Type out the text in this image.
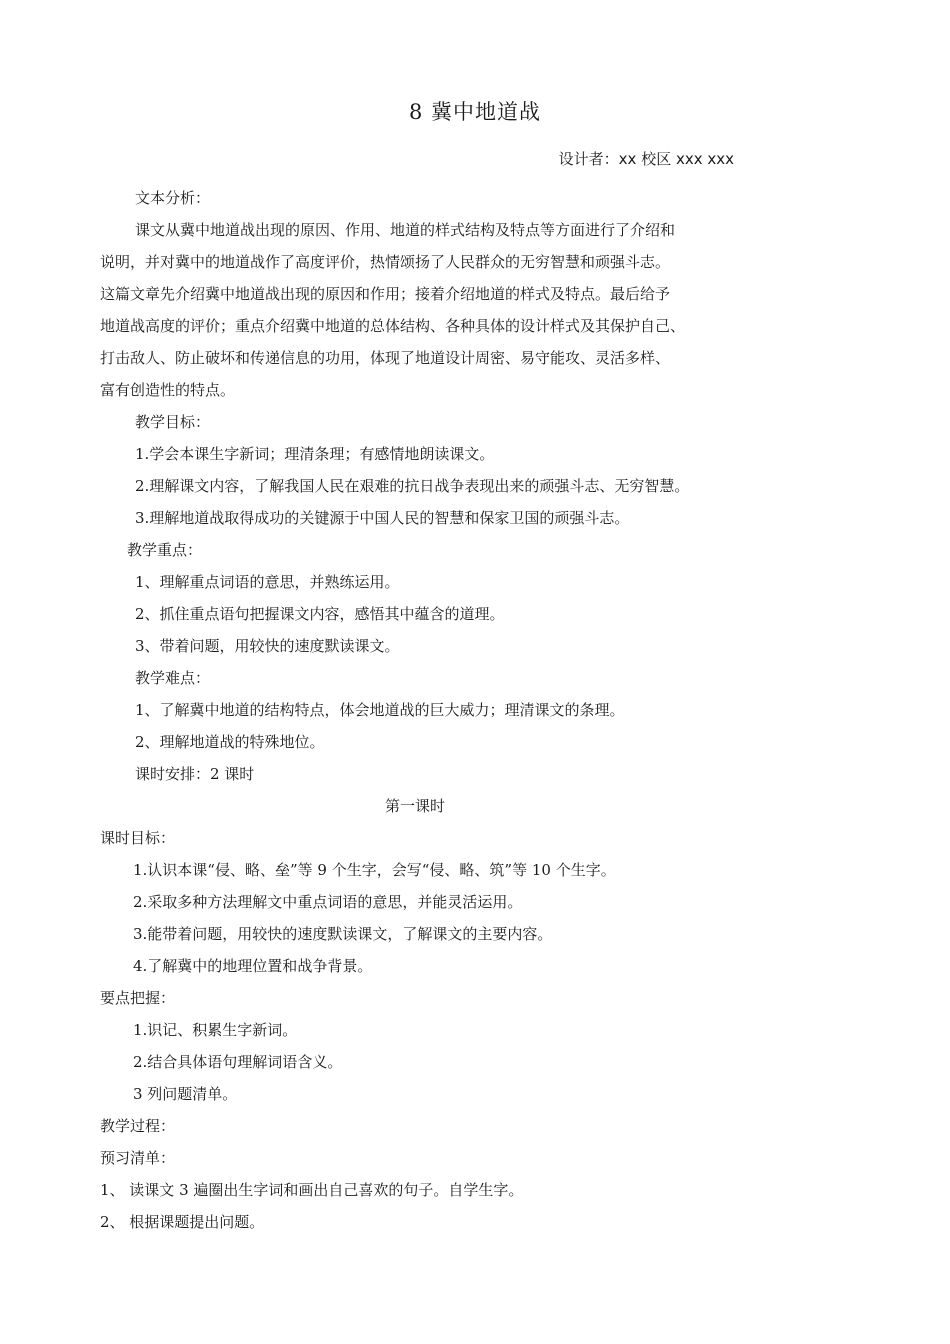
8 冀中地道战
设计者：xx 校区 xxx xxx
文本分析：
课文从冀中地道战出现的原因、作用、地道的样式结构及特点等方面进行了介绍和
说明，并对冀中的地道战作了高度评价，热情颂扬了人民群众的无穷智慧和顽强斗志。
这篇文章先介绍冀中地道战出现的原因和作用；接着介绍地道的样式及特点。最后给予
地道战高度的评价；重点介绍冀中地道的总体结构、各种具体的设计样式及其保护自己、
打击敌人、防止破坏和传递信息的功用，体现了地道设计周密、易守能攻、灵活多样、
富有创造性的特点。
教学目标：
1.学会本课生字新词；理清条理；有感情地朗读课文。
2.理解课文内容，了解我国人民在艰难的抗日战争表现出来的顽强斗志、无穷智慧。
3.理解地道战取得成功的关键源于中国人民的智慧和保家卫国的顽强斗志。
教学重点：
1、理解重点词语的意思，并熟练运用。
2、抓住重点语句把握课文内容，感悟其中蕴含的道理。
3、带着问题，用较快的速度默读课文。
教学难点：
1、了解冀中地道的结构特点，体会地道战的巨大威力；理清课文的条理。
2、理解地道战的特殊地位。
课时安排：2 课时
第一课时
课时目标：
1.认识本课“侵、略、垒”等 9 个生字，会写“侵、略、筑”等 10 个生字。
2.采取多种方法理解文中重点词语的意思，并能灵活运用。
3.能带着问题，用较快的速度默读课文，了解课文的主要内容。
4.了解冀中的地理位置和战争背景。
要点把握：
1.识记、积累生字新词。
2.结合具体语句理解词语含义。
3 列问题清单。
教学过程：
预习清单：
1、 读课文 3 遍圈出生字词和画出自己喜欢的句子。自学生字。
2、 根据课题提出问题。
